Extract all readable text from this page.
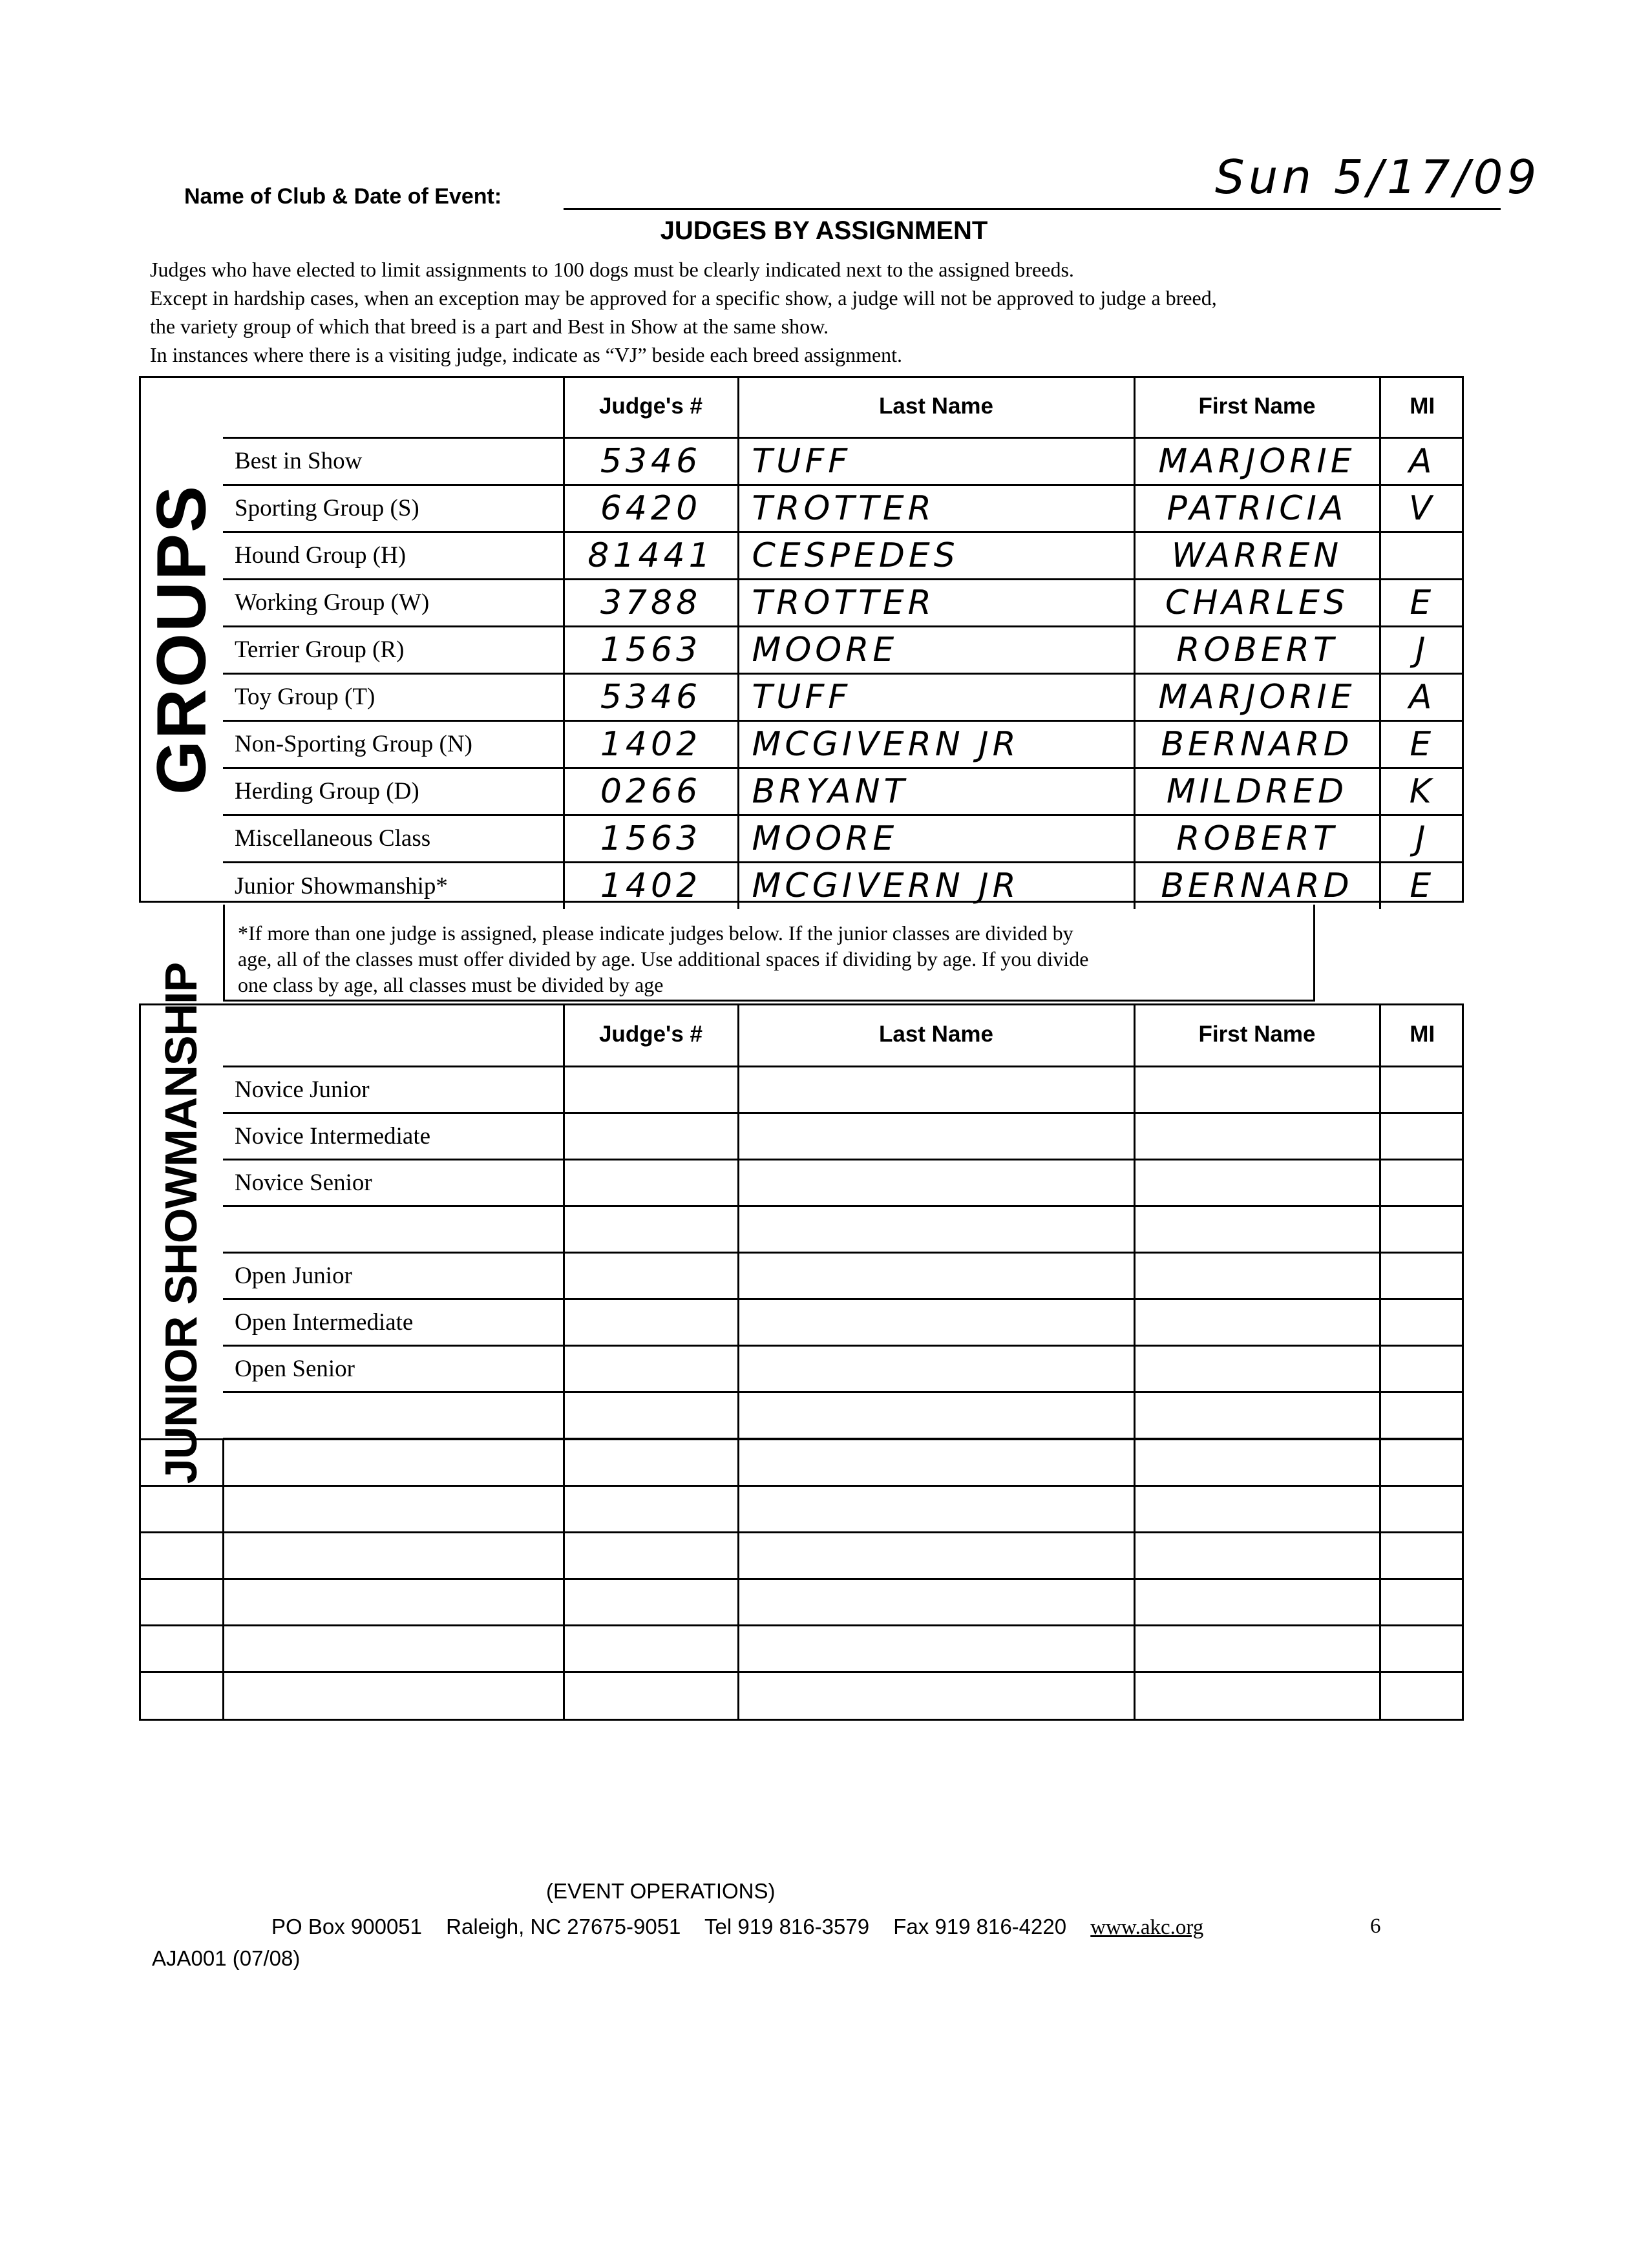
Name of Club & Date of Event:	Sun 5/17/09
JUDGES BY ASSIGNMENT
Judges who have elected to limit assignments to 100 dogs must be clearly indicated next to the assigned breeds.
Except in hardship cases, when an exception may be approved for a specific show, a judge will not be approved to judge a breed,
the variety group of which that breed is a part and Best in Show at the same show.
In instances where there is a visiting judge, indicate as “VJ” beside each breed assignment.
GROUPS
	Judge's #	Last Name	First Name	MI
Best in Show	5346	TUFF	MARJORIE	A
Sporting Group (S)	6420	TROTTER	PATRICIA	V
Hound Group (H)	81441	CESPEDES	WARREN	
Working Group (W)	3788	TROTTER	CHARLES	E
Terrier Group (R)	1563	MOORE	ROBERT	J
Toy Group (T)	5346	TUFF	MARJORIE	A
Non-Sporting Group (N)	1402	MCGIVERN JR	BERNARD	E
Herding Group (D)	0266	BRYANT	MILDRED	K
Miscellaneous Class	1563	MOORE	ROBERT	J
Junior Showmanship*	1402	MCGIVERN JR	BERNARD	E
*If more than one judge is assigned, please indicate judges below. If the junior classes are divided by
age, all of the classes must offer divided by age. Use additional spaces if dividing by age. If you divide
one class by age, all classes must be divided by age
JUNIOR SHOWMANSHIP
		Judge's #	Last Name	First Name	MI
Novice Junior				
Novice Intermediate				
Novice Senior				

Open Junior				
Open Intermediate				
Open Senior				

(EVENT OPERATIONS)
PO Box 900051 Raleigh, NC 27675-9051 Tel 919 816-3579 Fax 919 816-4220 www.akc.org	6
AJA001 (07/08)
